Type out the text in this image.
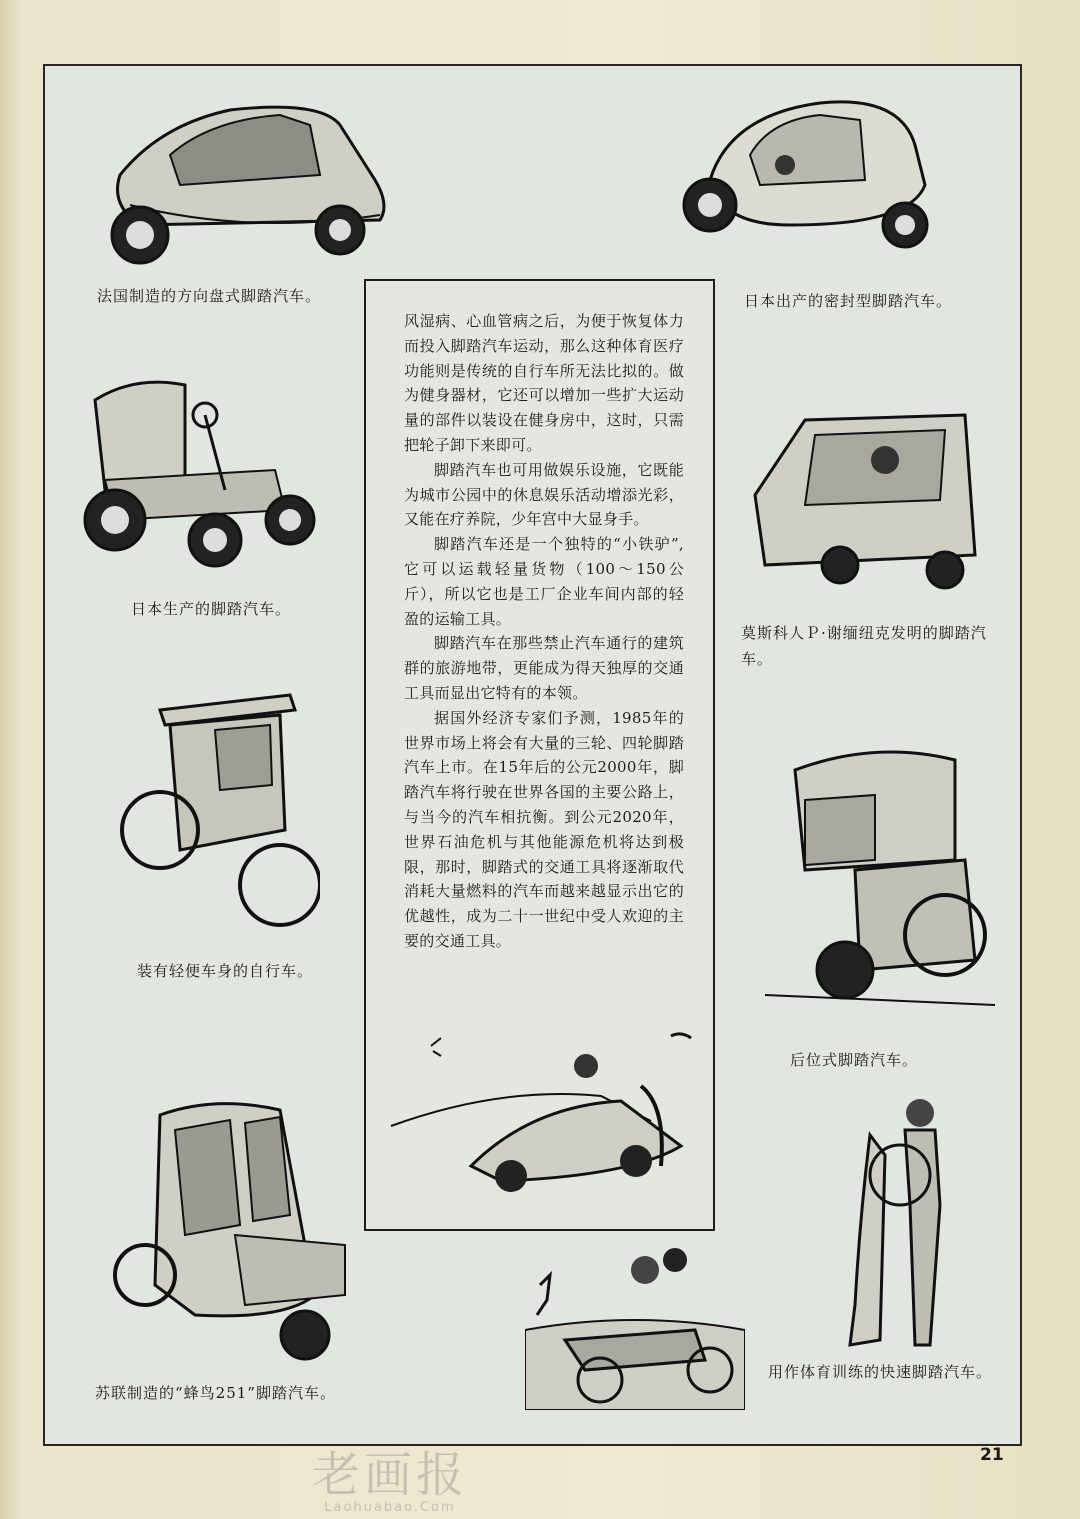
法国制造的方向盘式脚踏汽车。	日本出产的密封型脚踏汽车。
日本生产的脚踏汽车。
莫斯科人Ｐ·谢缅纽克发明的脚踏汽车。
装有轻便车身的自行车。
后位式脚踏汽车。
苏联制造的“蜂鸟251”脚踏汽车。
用作体育训练的快速脚踏汽车。

风湿病、心血管病之后，为便于恢复体力而投入脚踏汽车运动，那么这种体育医疗功能则是传统的自行车所无法比拟的。做为健身器材，它还可以增加一些扩大运动量的部件以装设在健身房中，这时，只需把轮子卸下来即可。

脚踏汽车也可用做娱乐设施，它既能为城市公园中的休息娱乐活动增添光彩，又能在疗养院，少年宫中大显身手。

脚踏汽车还是一个独特的“小铁驴”,它可以运载轻量货物（100～150公斤），所以它也是工厂企业车间内部的轻盈的运输工具。

脚踏汽车在那些禁止汽车通行的建筑群的旅游地带，更能成为得天独厚的交通工具而显出它特有的本领。

据国外经济专家们予测，1985年的世界市场上将会有大量的三轮、四轮脚踏汽车上市。在15年后的公元2000年，脚踏汽车将行驶在世界各国的主要公路上，与当今的汽车相抗衡。到公元2020年，世界石油危机与其他能源危机将达到极限，那时，脚踏式的交通工具将逐渐取代消耗大量燃料的汽车而越来越显示出它的优越性，成为二十一世纪中受人欢迎的主要的交通工具。

21
老画报
Laohuabao.Com
